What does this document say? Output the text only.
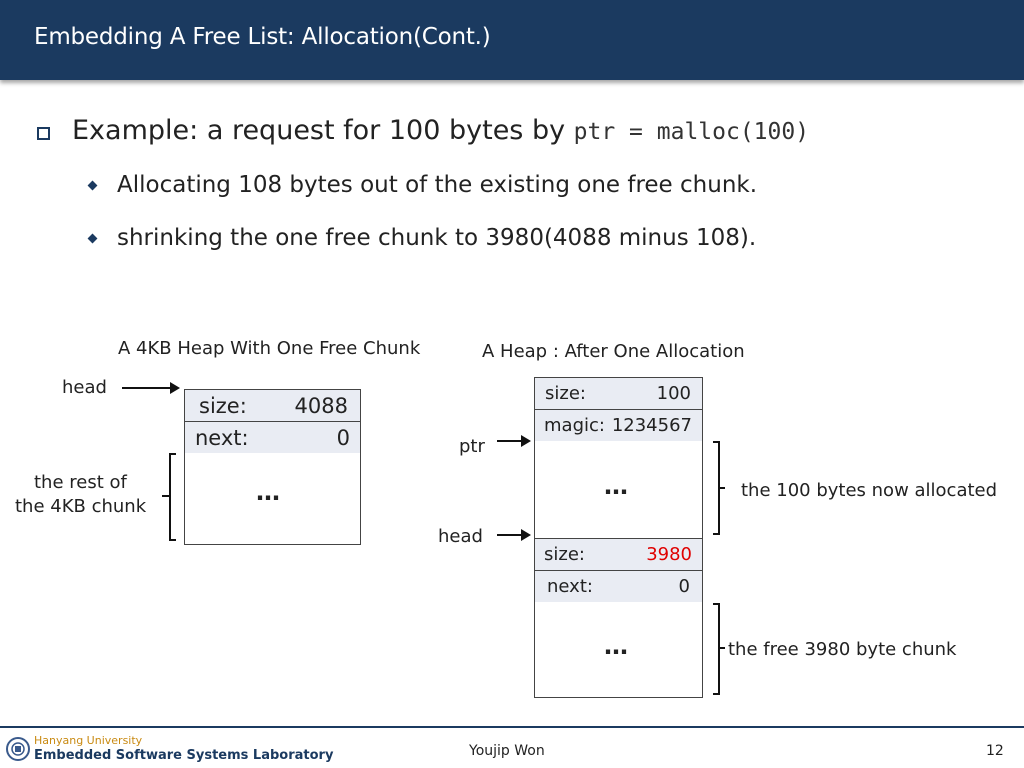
Embedding A Free List: Allocation(Cont.)
Example: a request for 100 bytes by ptr = malloc(100)
Allocating 108 bytes out of the existing one free chunk.
shrinking the one free chunk to 3980(4088 minus 108).
A 4KB Heap With One Free Chunk
head
size: 4088
next:	0
…
the rest of
the 4KB chunk
A Heap : After One Allocation
size:	100
magic: 1234567
…
ptr
the 100 bytes now allocated
head
size:	3980
next:	0
…	the free 3980 byte chunk
Hanyang University
Embedded Software Systems Laboratory	Youjip Won	12
